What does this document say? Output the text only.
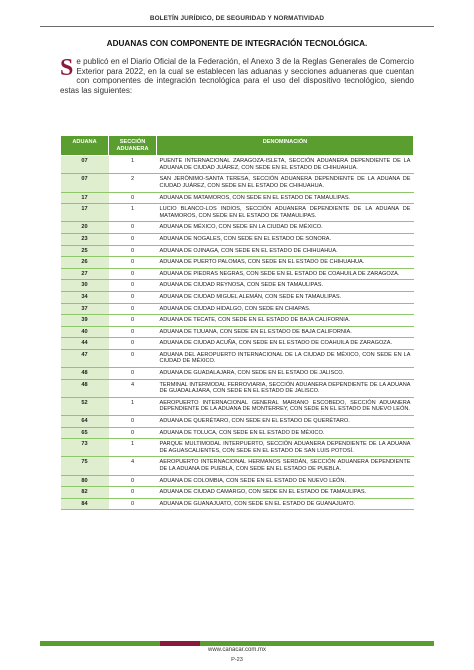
BOLETÍN JURÍDICO, DE SEGURIDAD Y NORMATIVIDAD
ADUANAS CON COMPONENTE DE INTEGRACIÓN TECNOLÓGICA.
Se publicó en el Diario Oficial de la Federación, el Anexo 3 de la Reglas Generales de Comercio Exterior para 2022, en la cual se establecen las aduanas y secciones aduaneras que cuentan con componentes de integración tecnológica para el uso del dispositivo tecnológico, siendo estas las siguientes:
ADUANA	SECCIÓN ADUANERA	DENOMINACIÓN
07	1	PUENTE INTERNACIONAL ZARAGOZA-ISLETA, SECCIÓN ADUANERA DEPENDIENTE DE LA ADUANA DE CIUDAD JUÁREZ, CON SEDE EN EL ESTADO DE CHIHUAHUA.
07	2	SAN JERÓNIMO-SANTA TERESA, SECCIÓN ADUANERA DEPENDIENTE DE LA ADUANA DE CIUDAD JUÁREZ, CON SEDE EN EL ESTADO DE CHIHUAHUA.
17	0	ADUANA DE MATAMOROS, CON SEDE EN EL ESTADO DE TAMAULIPAS.
17	1	LUCIO BLANCO-LOS INDIOS, SECCIÓN ADUANERA DEPENDIENTE DE LA ADUANA DE MATAMOROS, CON SEDE EN EL ESTADO DE TAMAULIPAS.
20	0	ADUANA DE MÉXICO, CON SEDE EN LA CIUDAD DE MÉXICO.
23	0	ADUANA DE NOGALES, CON SEDE EN EL ESTADO DE SONORA.
25	0	ADUANA DE OJINAGA, CON SEDE EN EL ESTADO DE CHIHUAHUA.
26	0	ADUANA DE PUERTO PALOMAS, CON SEDE EN EL ESTADO DE CHIHUAHUA.
27	0	ADUANA DE PIEDRAS NEGRAS, CON SEDE EN EL ESTADO DE COAHUILA DE ZARAGOZA.
30	0	ADUANA DE CIUDAD REYNOSA, CON SEDE EN TAMAULIPAS.
34	0	ADUANA DE CIUDAD MIGUEL ALEMÁN, CON SEDE EN TAMAULIPAS.
37	0	ADUANA DE CIUDAD HIDALGO, CON SEDE EN CHIAPAS.
39	0	ADUANA DE TECATE, CON SEDE EN EL ESTADO DE BAJA CALIFORNIA.
40	0	ADUANA DE TIJUANA, CON SEDE EN EL ESTADO DE BAJA CALIFORNIA.
44	0	ADUANA DE CIUDAD ACUÑA, CON SEDE EN EL ESTADO DE COAHUILA DE ZARAGOZA.
47	0	ADUANA DEL AEROPUERTO INTERNACIONAL DE LA CIUDAD DE MÉXICO, CON SEDE EN LA CIUDAD DE MÉXICO.
48	0	ADUANA DE GUADALAJARA, CON SEDE EN EL ESTADO DE JALISCO.
48	4	TERMINAL INTERMODAL FERROVIARIA, SECCIÓN ADUANERA DEPENDIENTE DE LA ADUANA DE GUADALAJARA, CON SEDE EN EL ESTADO DE JALISCO.
52	1	AEROPUERTO INTERNACIONAL GENERAL MARIANO ESCOBEDO, SECCIÓN ADUANERA DEPENDIENTE DE LA ADUANA DE MONTERREY, CON SEDE EN EL ESTADO DE NUEVO LEÓN.
64	0	ADUANA DE QUERÉTARO, CON SEDE EN EL ESTADO DE QUERÉTARO.
65	0	ADUANA DE TOLUCA, CON SEDE EN EL ESTADO DE MÉXICO.
73	1	PARQUE MULTIMODAL INTERPUERTO, SECCIÓN ADUANERA DEPENDIENTE DE LA ADUANA DE AGUASCALIENTES, CON SEDE EN EL ESTADO DE SAN LUIS POTOSÍ.
75	4	AEROPUERTO INTERNACIONAL HERMANOS SERDÁN, SECCIÓN ADUANERA DEPENDIENTE DE LA ADUANA DE PUEBLA, CON SEDE EN EL ESTADO DE PUEBLA.
80	0	ADUANA DE COLOMBIA, CON SEDE EN EL ESTADO DE NUEVO LEÓN.
82	0	ADUANA DE CIUDAD CAMARGO, CON SEDE EN EL ESTADO DE TAMAULIPAS.
84	0	ADUANA DE GUANAJUATO, CON SEDE EN EL ESTADO DE GUANAJUATO.
www.canacar.com.mx
P-23
